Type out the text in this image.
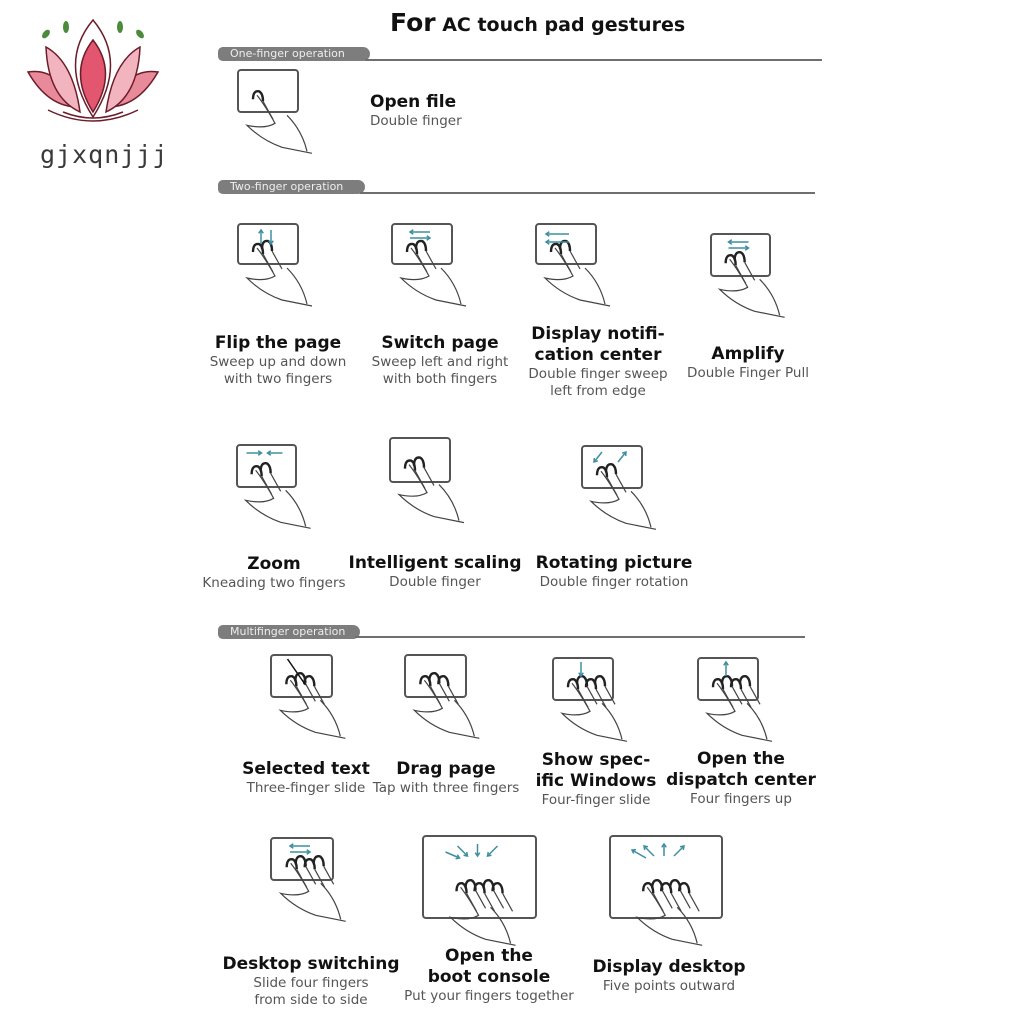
gjxqnjjj
For AC touch pad gestures
One-finger operation
Two-finger operation
Multifinger operation
Open file
Double finger
Flip the page
Sweep up and down
with two fingers
Switch page
Sweep left and right
with both fingers
Display notifi-
cation center
Double finger sweep
left from edge
Amplify
Double Finger Pull
Zoom
Kneading two fingers
Intelligent scaling
Double finger
Rotating picture
Double finger rotation
Selected text
Three-finger slide
Drag page
Tap with three fingers
Show spec-
ific Windows
Four-finger slide
Open the
dispatch center
Four fingers up
Desktop switching
Slide four fingers
from side to side
Open the
boot console
Put your fingers together
Display desktop
Five points outward
